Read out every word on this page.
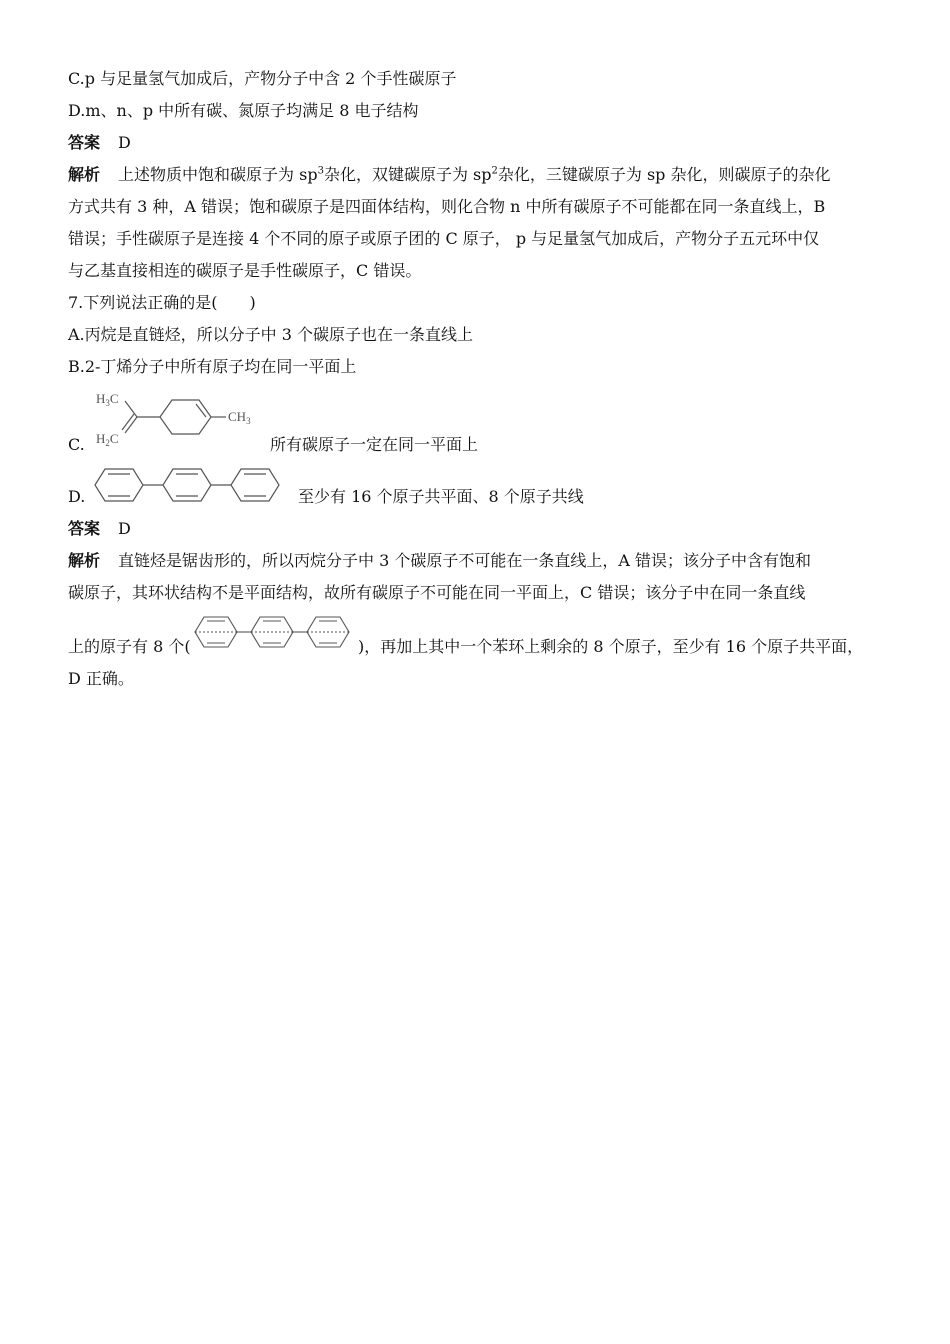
C.p 与足量氢气加成后，产物分子中含 2 个手性碳原子
D.m、n、p 中所有碳、氮原子均满足 8 电子结构
答案 D
解析 上述物质中饱和碳原子为 $sp^3$杂化，双键碳原子为 $sp^2$杂化，三键碳原子为 sp 杂化，则碳原子的杂化
方式共有 3 种，A 错误；饱和碳原子是四面体结构，则化合物 n 中所有碳原子不可能都在同一条直线上，B
错误；手性碳原子是连接 4 个不同的原子或原子团的 C 原子， p 与足量氢气加成后，产物分子五元环中仅
与乙基直接相连的碳原子是手性碳原子，C 错误。
7.下列说法正确的是(　　)
A.丙烷是直链烃，所以分子中 3 个碳原子也在一条直线上
B.2-丁烯分子中所有原子均在同一平面上
C.
$H_3C$
$H_2C$
$CH_3$
所有碳原子一定在同一平面上
D.	至少有 16 个原子共平面、8 个原子共线
答案 D
解析 直链烃是锯齿形的，所以丙烷分子中 3 个碳原子不可能在一条直线上，A 错误；该分子中含有饱和
碳原子，其环状结构不是平面结构，故所有碳原子不可能在同一平面上，C 错误；该分子中在同一条直线
上的原子有 8 个(	)，再加上其中一个苯环上剩余的 8 个原子，至少有 16 个原子共平面，
D 正确。
